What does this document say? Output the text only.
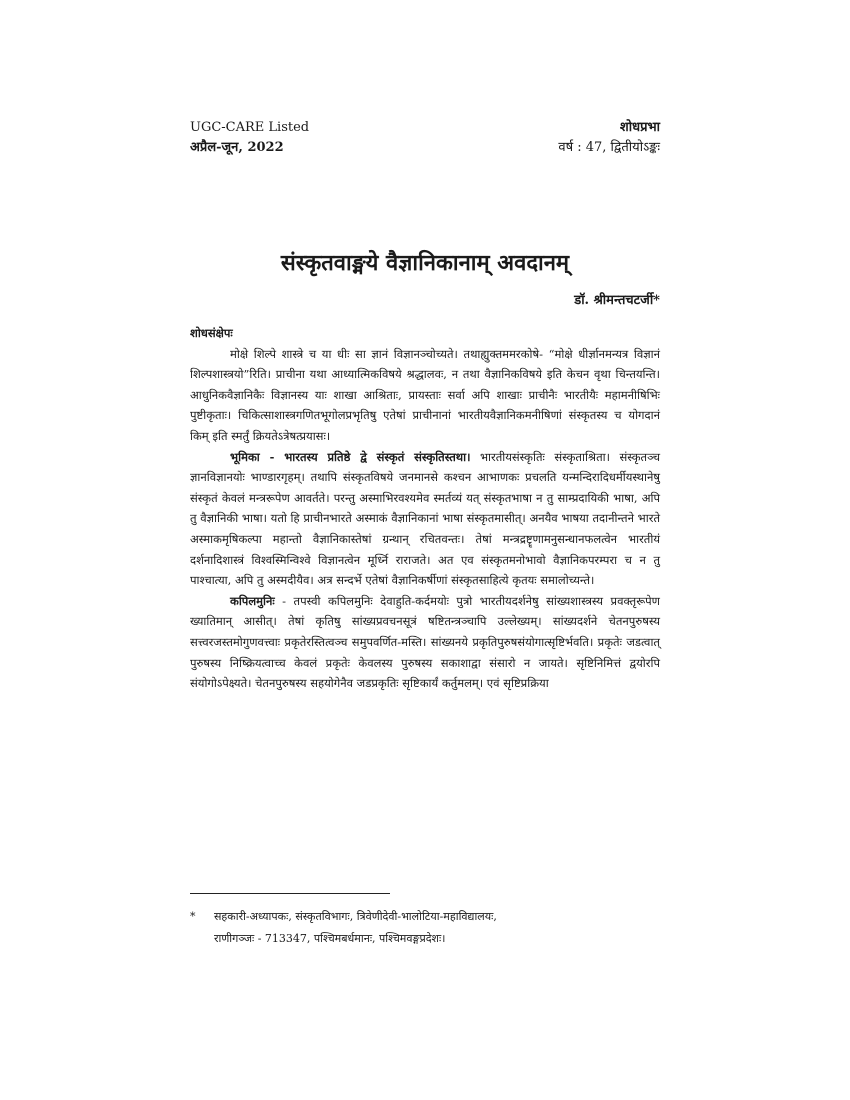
UGC-CARE Listed
अप्रैल-जून, 2022
शोधप्रभा
वर्ष : 47, द्वितीयोऽङ्कः
संस्कृतवाङ्मये वैज्ञानिकानाम् अवदानम्
डॉ. श्रीमन्तचटर्जी*

शोधसंक्षेपः

मोक्षे शिल्पे शास्त्रे च या धीः सा ज्ञानं विज्ञानञ्चोच्यते। तथाह्युक्तममरकोषे- “मोक्षे धीर्ज्ञानमन्यत्र विज्ञानं शिल्पशास्त्रयो”रिति। प्राचीना यथा आध्यात्मिकविषये श्रद्धालवः, न तथा वैज्ञानिकविषये इति केचन वृथा चिन्तयन्ति। आधुनिकवैज्ञानिकैः विज्ञानस्य याः शाखा आश्रिताः, प्रायस्ताः सर्वा अपि शाखाः प्राचीनैः भारतीयैः महामनीषिभिः पुष्टीकृताः। चिकित्साशास्त्रगणितभूगोलप्रभृतिषु एतेषां प्राचीनानां भारतीयवैज्ञानिकमनीषिणां संस्कृतस्य च योगदानं किम् इति स्मर्तुं क्रियतेऽत्रेषत्प्रयासः।

भूमिका - भारतस्य प्रतिष्ठे द्वे संस्कृतं संस्कृतिस्तथा। भारतीयसंस्कृतिः संस्कृताश्रिता। संस्कृतञ्च ज्ञानविज्ञानयोः भाण्डारगृहम्। तथापि संस्कृतविषये जनमानसे कश्चन आभाणकः प्रचलति यन्मन्दिरादिधर्मीयस्थानेषु संस्कृतं केवलं मन्त्ररूपेण आवर्तते। परन्तु अस्माभिरवश्यमेव स्मर्तव्यं यत् संस्कृतभाषा न तु साम्प्रदायिकी भाषा, अपि तु वैज्ञानिकी भाषा। यतो हि प्राचीनभारते अस्माकं वैज्ञानिकानां भाषा संस्कृतमासीत्। अनयैव भाषया तदानीन्तने भारते अस्माकमृषिकल्पा महान्तो वैज्ञानिकास्तेषां ग्रन्थान् रचितवन्तः। तेषां मन्त्रद्रष्टॄणामनुसन्धानफलत्वेन भारतीयं दर्शनादिशास्त्रं विश्वस्मिन्विश्वे विज्ञानत्वेन मूर्ध्नि राराजते। अत एव संस्कृतमनोभावो वैज्ञानिकपरम्परा च न तु पाश्चात्या, अपि तु अस्मदीयैव। अत्र सन्दर्भे एतेषां वैज्ञानिकर्षीणां संस्कृतसाहित्ये कृतयः समालोच्यन्ते।

कपिलमुनिः - तपस्वी कपिलमुनिः देवाहुति-कर्दमयोः पुत्रो भारतीयदर्शनेषु सांख्यशास्त्रस्य प्रवक्तृरूपेण ख्यातिमान् आसीत्। तेषां कृतिषु सांख्यप्रवचनसूत्रं षष्टितन्त्रञ्चापि उल्लेख्यम्। सांख्यदर्शने चेतनपुरुषस्य सत्त्वरजस्तमोगुणवत्त्वाः प्रकृतेरस्तित्वञ्च समुपवर्णित-मस्ति। सांख्यनये प्रकृतिपुरुषसंयोगात्सृष्टिर्भवति। प्रकृतेः जडत्वात् पुरुषस्य निष्क्रियत्वाच्च केवलं प्रकृतेः केवलस्य पुरुषस्य सकाशाद्वा संसारो न जायते। सृष्टिनिमित्तं द्वयोरपि संयोगोऽपेक्ष्यते। चेतनपुरुषस्य सहयोगेनैव जडप्रकृतिः सृष्टिकार्यं कर्तुमलम्। एवं सृष्टिप्रक्रिया

* सहकारी-अध्यापकः, संस्कृतविभागः, त्रिवेणीदेवी-भालोटिया-महाविद्यालयः,
राणीगञ्जः - 713347, पश्चिमबर्धमानः, पश्चिमवङ्गप्रदेशः।
